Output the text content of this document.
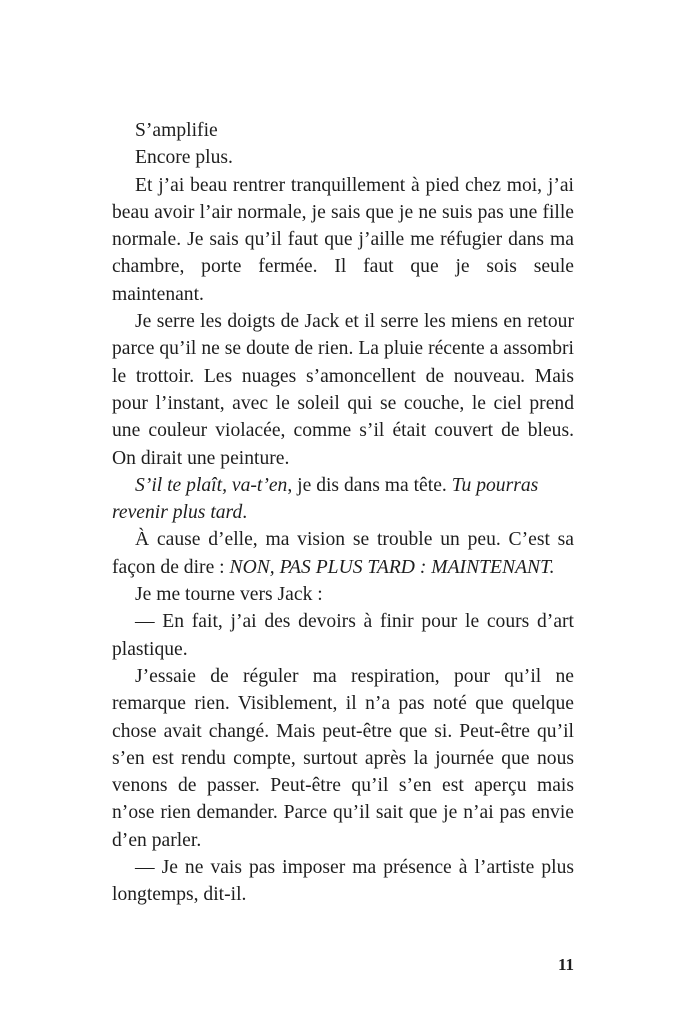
S’amplifie

Encore plus.

Et j’ai beau rentrer tranquillement à pied chez moi, j’ai beau avoir l’air normale, je sais que je ne suis pas une fille normale. Je sais qu’il faut que j’aille me réfugier dans ma chambre, porte fermée. Il faut que je sois seule maintenant.

Je serre les doigts de Jack et il serre les miens en retour parce qu’il ne se doute de rien. La pluie récente a assombri le trottoir. Les nuages s’amoncellent de nouveau. Mais pour l’instant, avec le soleil qui se couche, le ciel prend une couleur violacée, comme s’il était couvert de bleus. On dirait une peinture.

S’il te plaît, va-t’en, je dis dans ma tête. Tu pourras revenir plus tard.

À cause d’elle, ma vision se trouble un peu. C’est sa façon de dire : NON, PAS PLUS TARD : MAINTENANT.

Je me tourne vers Jack :

— En fait, j’ai des devoirs à finir pour le cours d’art plastique.

J’essaie de réguler ma respiration, pour qu’il ne remarque rien. Visiblement, il n’a pas noté que quelque chose avait changé. Mais peut-être que si. Peut-être qu’il s’en est rendu compte, surtout après la journée que nous venons de passer. Peut-être qu’il s’en est aperçu mais n’ose rien demander. Parce qu’il sait que je n’ai pas envie d’en parler.

— Je ne vais pas imposer ma présence à l’artiste plus longtemps, dit-il.

11
